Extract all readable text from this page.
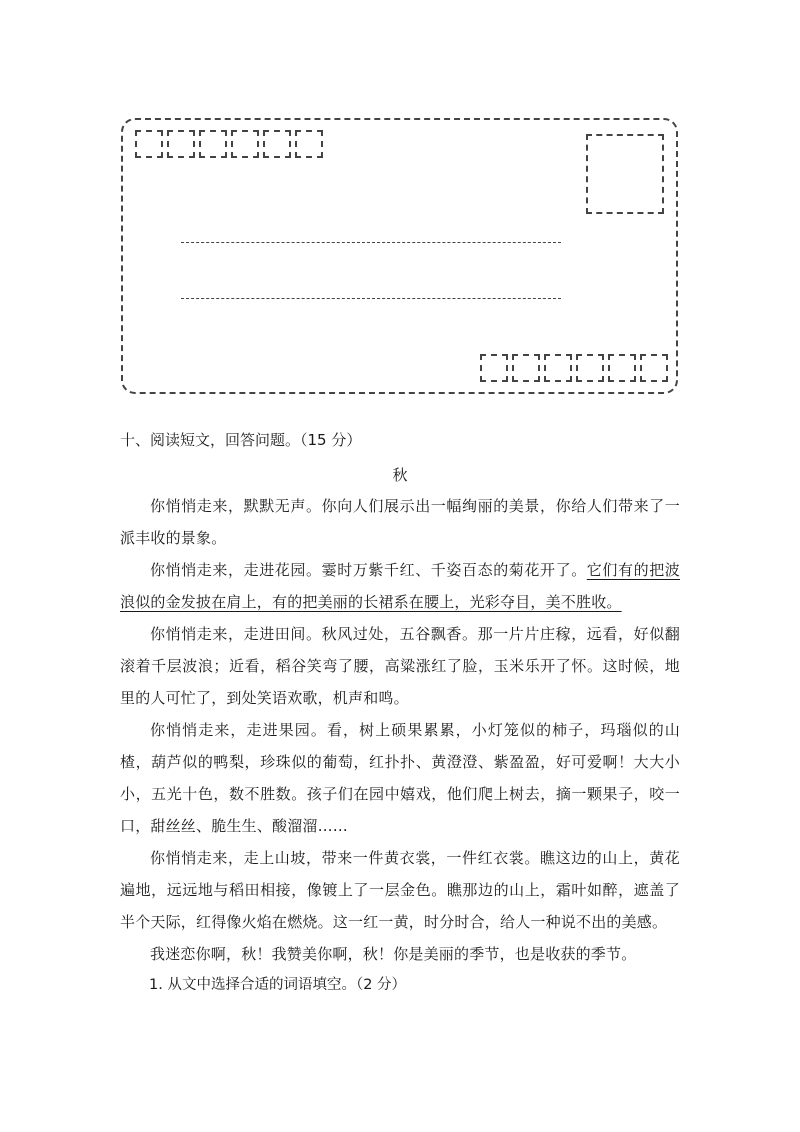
十、阅读短文，回答问题。（15 分）

秋

你悄悄走来，默默无声。你向人们展示出一幅绚丽的美景，你给人们带来了一派丰收的景象。

你悄悄走来，走进花园。霎时万紫千红、千姿百态的菊花开了。它们有的把波浪似的金发披在肩上，有的把美丽的长裙系在腰上，光彩夺目，美不胜收。

你悄悄走来，走进田间。秋风过处，五谷飘香。那一片片庄稼，远看，好似翻滚着千层波浪；近看，稻谷笑弯了腰，高粱涨红了脸，玉米乐开了怀。这时候，地里的人可忙了，到处笑语欢歌，机声和鸣。

你悄悄走来，走进果园。看，树上硕果累累，小灯笼似的柿子，玛瑙似的山楂，葫芦似的鸭梨，珍珠似的葡萄，红扑扑、黄澄澄、紫盈盈，好可爱啊！大大小小，五光十色，数不胜数。孩子们在园中嬉戏，他们爬上树去，摘一颗果子，咬一口，甜丝丝、脆生生、酸溜溜……

你悄悄走来，走上山坡，带来一件黄衣裳，一件红衣裳。瞧这边的山上，黄花遍地，远远地与稻田相接，像镀上了一层金色。瞧那边的山上，霜叶如醉，遮盖了半个天际，红得像火焰在燃烧。这一红一黄，时分时合，给人一种说不出的美感。

我迷恋你啊，秋！我赞美你啊，秋！你是美丽的季节，也是收获的季节。

1. 从文中选择合适的词语填空。（2 分）
